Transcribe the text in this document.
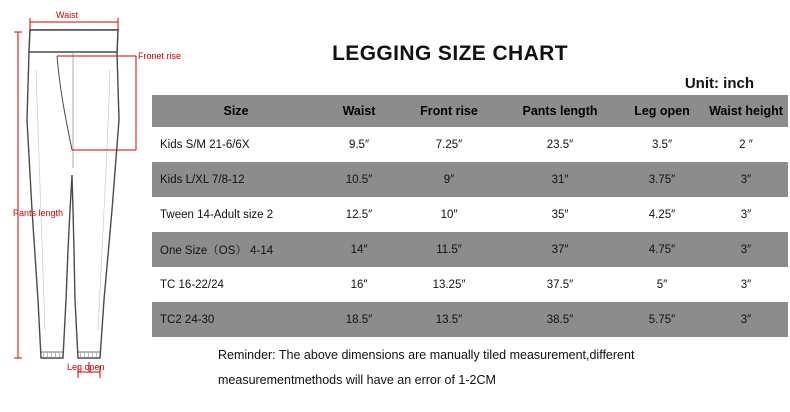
Waist
Fronet rise
Pants length
Leg open
LEGGING SIZE CHART
Unit: inch
Size	Waist	Front rise	Pants length	Leg open	Waist height
Kids S/M 21-6/6X	9.5″	7.25″	23.5″	3.5″	2 ″
Kids L/XL 7/8-12	10.5″	9″	31″	3.75″	3″
Tween 14-Adult size 2	12.5″	10″	35″	4.25″	3″
One Size（OS） 4-14	14″	11.5″	37″	4.75″	3″
TC 16-22/24	16″	13.25″	37.5″	5″	3″
TC2 24-30	18.5″	13.5″	38.5″	5.75″	3″
Reminder: The above dimensions are manually tiled measurement,different
measurementmethods will have an error of 1-2CM
